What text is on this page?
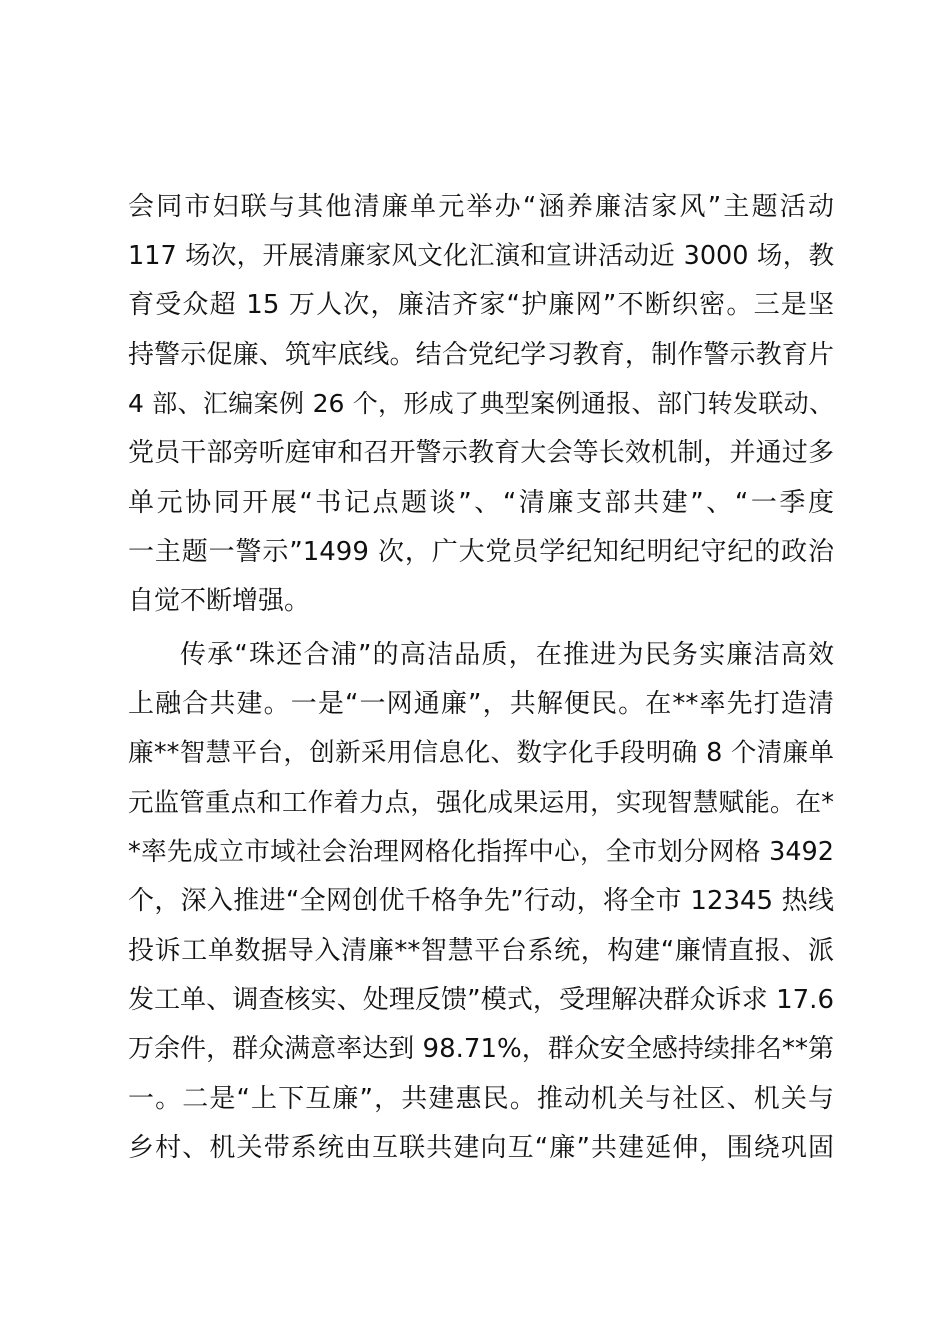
会同市妇联与其他清廉单元举办“涵养廉洁家风”主题活动
117 场次，开展清廉家风文化汇演和宣讲活动近 3000 场，教
育受众超 15 万人次，廉洁齐家“护廉网”不断织密。三是坚
持警示促廉、筑牢底线。结合党纪学习教育，制作警示教育片
4 部、汇编案例 26 个，形成了典型案例通报、部门转发联动、
党员干部旁听庭审和召开警示教育大会等长效机制，并通过多
单元协同开展“书记点题谈”、“清廉支部共建”、“一季度
一主题一警示”1499 次，广大党员学纪知纪明纪守纪的政治
自觉不断增强。
传承“珠还合浦”的高洁品质，在推进为民务实廉洁高效
上融合共建。一是“一网通廉”，共解便民。在**率先打造清
廉**智慧平台，创新采用信息化、数字化手段明确 8 个清廉单
元监管重点和工作着力点，强化成果运用，实现智慧赋能。在*
*率先成立市域社会治理网格化指挥中心，全市划分网格 3492
个，深入推进“全网创优千格争先”行动，将全市 12345 热线
投诉工单数据导入清廉**智慧平台系统，构建“廉情直报、派
发工单、调查核实、处理反馈”模式，受理解决群众诉求 17.6
万余件，群众满意率达到 98.71%，群众安全感持续排名**第
一。二是“上下互廉”，共建惠民。推动机关与社区、机关与
乡村、机关带系统由互联共建向互“廉”共建延伸，围绕巩固
